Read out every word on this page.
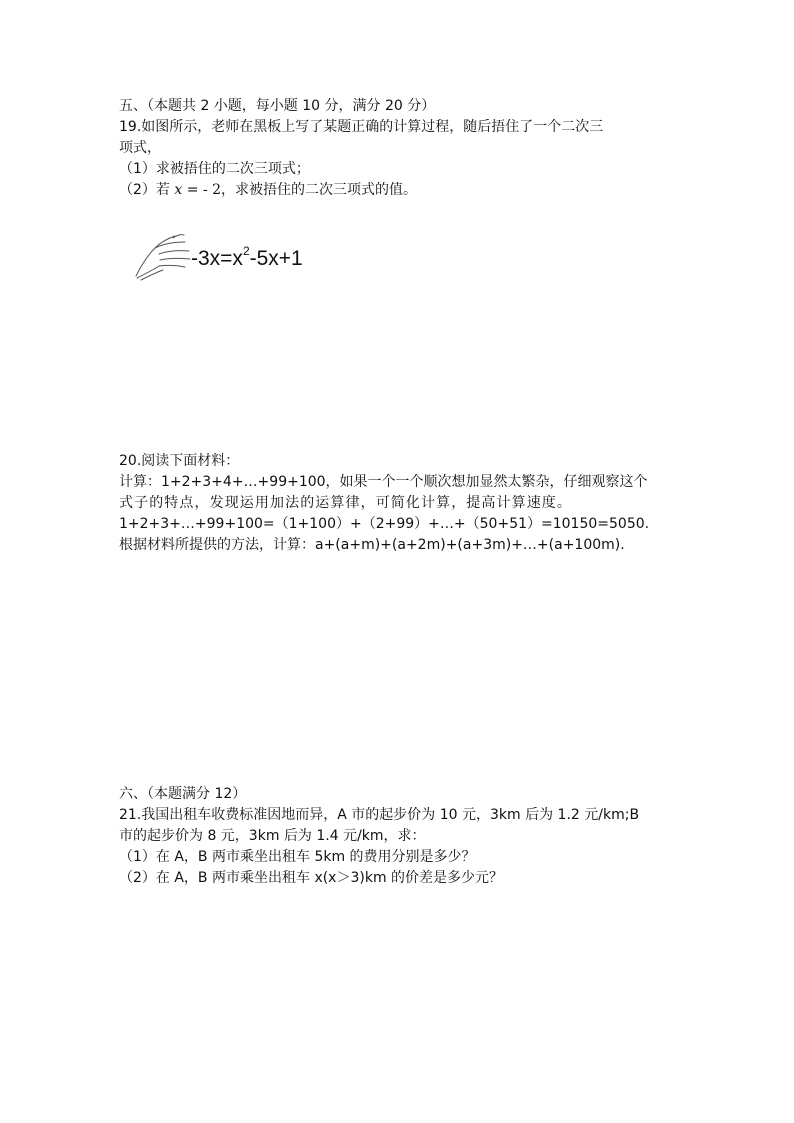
五、（本题共 2 小题，每小题 10 分，满分 20 分）
19.如图所示，老师在黑板上写了某题正确的计算过程，随后捂住了一个二次三
项式，
（1）求被捂住的二次三项式；
（2）若 x = - 2，求被捂住的二次三项式的值。
$-3x=x^2-5x+1$
20.阅读下面材料：
计算：1+2+3+4+…+99+100，如果一个一个顺次想加显然太繁杂，仔细观察这个
式子的特点，发现运用加法的运算律，可简化计算，提高计算速度。
1+2+3+…+99+100=（1+100）+（2+99）+…+（50+51）=10150=5050.
根据材料所提供的方法，计算：a+(a+m)+(a+2m)+(a+3m)+…+(a+100m).
六、（本题满分 12）
21.我国出租车收费标准因地而异，A 市的起步价为 10 元，3km 后为 1.2 元/km;B
市的起步价为 8 元，3km 后为 1.4 元/km，求：
（1）在 A，B 两市乘坐出租车 5km 的费用分别是多少？
（2）在 A，B 两市乘坐出租车 x(x＞3)km 的价差是多少元？
